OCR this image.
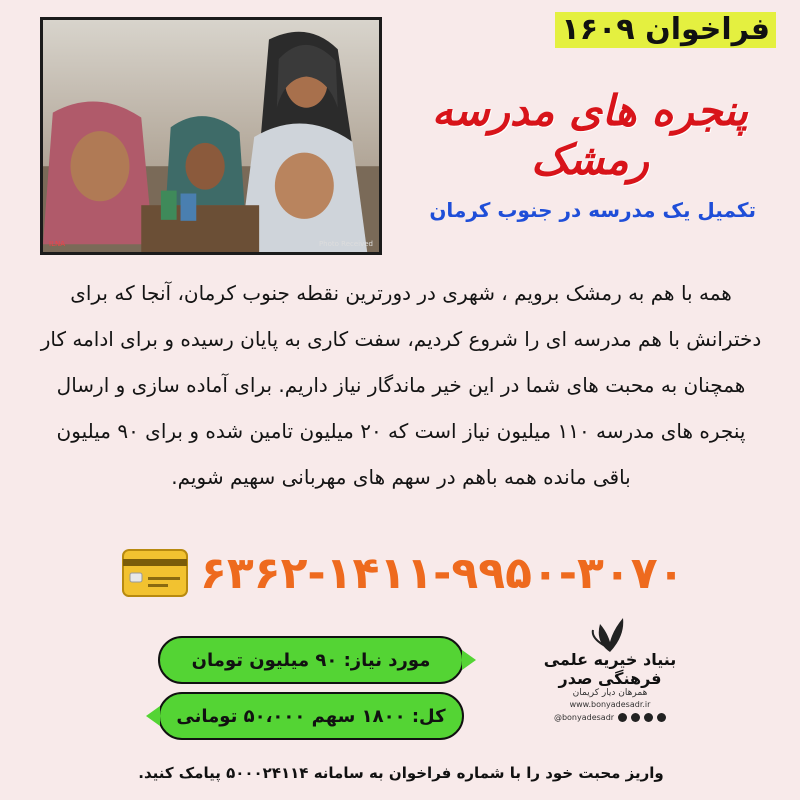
ILNA	Photo Received
فراخوان ۱۶۰۹
پنجره های مدرسه رمشک
تکمیل یک مدرسه در جنوب کرمان
همه با هم به رمشک برویم ، شهری در دورترین نقطه جنوب کرمان، آنجا که برای دخترانش با هم مدرسه ای را شروع کردیم، سفت کاری به پایان رسیده و برای ادامه کار همچنان به محبت های شما در این خیر ماندگار نیاز داریم. برای آماده سازی و ارسال پنجره های مدرسه ۱۱۰ میلیون نیاز است که ۲۰ میلیون تامین شده و برای ۹۰ میلیون باقی مانده همه باهم در سهم های مهربانی سهیم شویم.
۶۳۶۲-۱۴۱۱-۹۹۵۰-۳۰۷۰
مورد نیاز: ۹۰ میلیون تومان
کل: ۱۸۰۰ سهم ۵۰،۰۰۰ تومانی
بنیاد خیریه علمی فرهنگی صدر
همرهان دیار کریمان
www.bonyadesadr.ir
@bonyadesadr
واریز محبت خود را با شماره فراخوان به سامانه ۵۰۰۰۲۴۱۱۴ پیامک کنید.
